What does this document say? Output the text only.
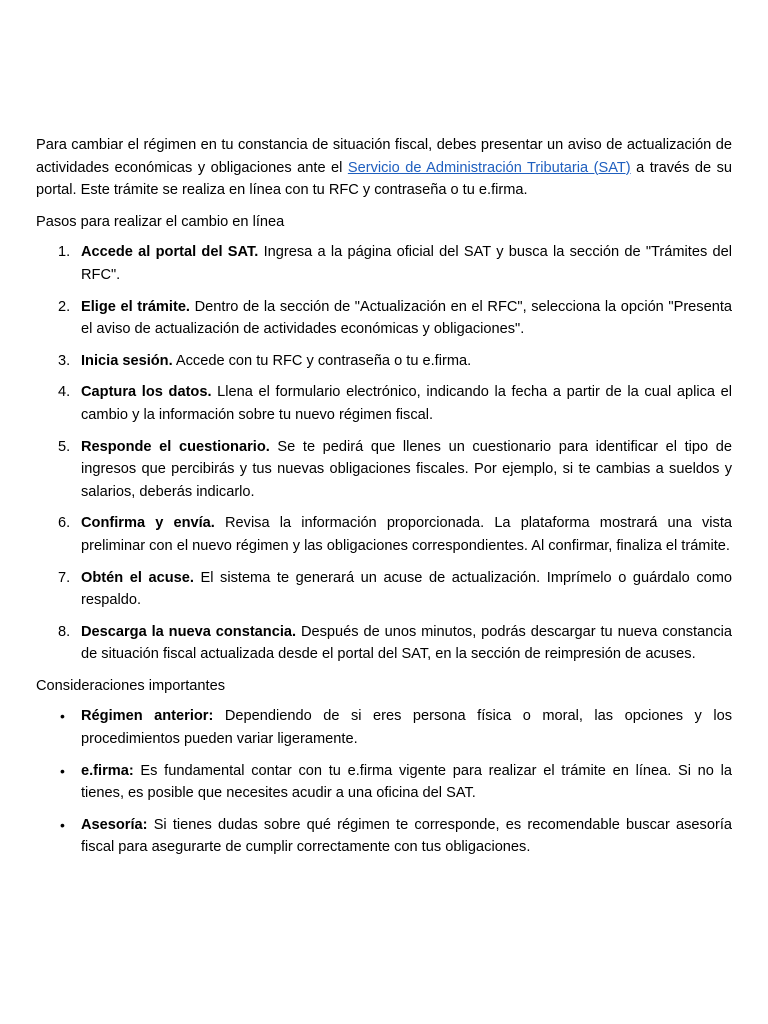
Para cambiar el régimen en tu constancia de situación fiscal, debes presentar un aviso de actualización de actividades económicas y obligaciones ante el Servicio de Administración Tributaria (SAT) a través de su portal. Este trámite se realiza en línea con tu RFC y contraseña o tu e.firma.

Pasos para realizar el cambio en línea

1. Accede al portal del SAT. Ingresa a la página oficial del SAT y busca la sección de "Trámites del RFC".
2. Elige el trámite. Dentro de la sección de "Actualización en el RFC", selecciona la opción "Presenta el aviso de actualización de actividades económicas y obligaciones".
3. Inicia sesión. Accede con tu RFC y contraseña o tu e.firma.
4. Captura los datos. Llena el formulario electrónico, indicando la fecha a partir de la cual aplica el cambio y la información sobre tu nuevo régimen fiscal.
5. Responde el cuestionario. Se te pedirá que llenes un cuestionario para identificar el tipo de ingresos que percibirás y tus nuevas obligaciones fiscales. Por ejemplo, si te cambias a sueldos y salarios, deberás indicarlo.
6. Confirma y envía. Revisa la información proporcionada. La plataforma mostrará una vista preliminar con el nuevo régimen y las obligaciones correspondientes. Al confirmar, finaliza el trámite.
7. Obtén el acuse. El sistema te generará un acuse de actualización. Imprímelo o guárdalo como respaldo.
8. Descarga la nueva constancia. Después de unos minutos, podrás descargar tu nueva constancia de situación fiscal actualizada desde el portal del SAT, en la sección de reimpresión de acuses.

Consideraciones importantes

• Régimen anterior: Dependiendo de si eres persona física o moral, las opciones y los procedimientos pueden variar ligeramente.
• e.firma: Es fundamental contar con tu e.firma vigente para realizar el trámite en línea. Si no la tienes, es posible que necesites acudir a una oficina del SAT.
• Asesoría: Si tienes dudas sobre qué régimen te corresponde, es recomendable buscar asesoría fiscal para asegurarte de cumplir correctamente con tus obligaciones.
